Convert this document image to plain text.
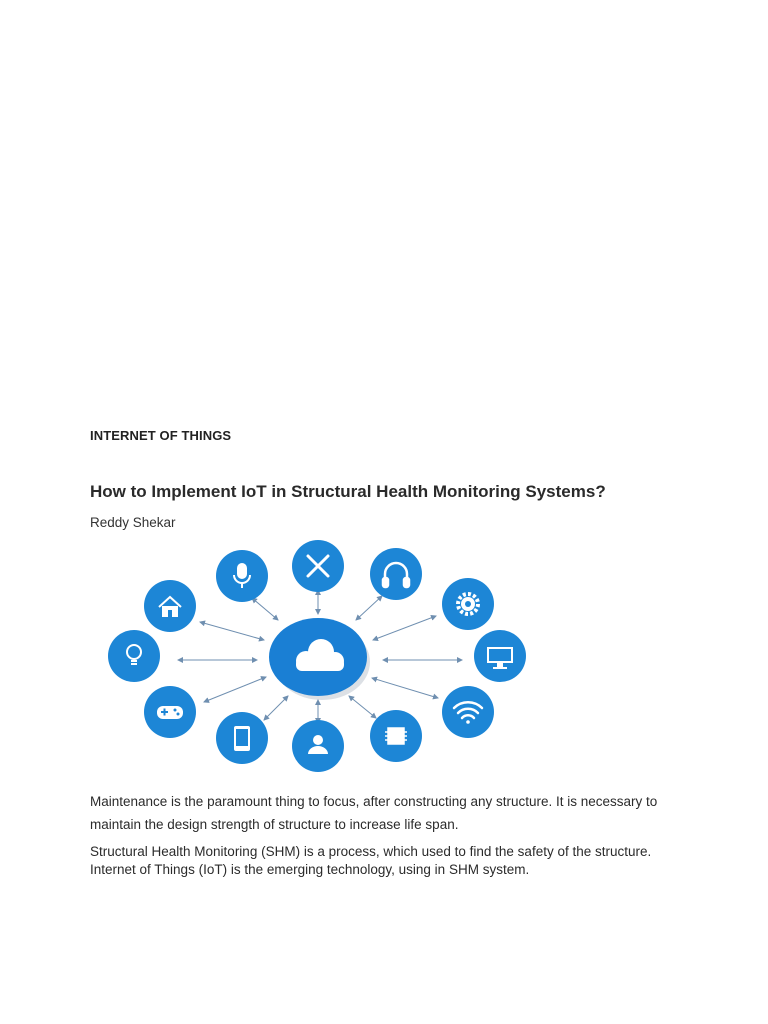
INTERNET OF THINGS
How to Implement IoT in Structural Health Monitoring Systems?
Reddy Shekar

Maintenance is the paramount thing to focus, after constructing any structure. It is necessary to maintain the design strength of structure to increase life span.

Structural Health Monitoring (SHM) is a process, which used to find the safety of the structure. Internet of Things (IoT) is the emerging technology, using in SHM system.
